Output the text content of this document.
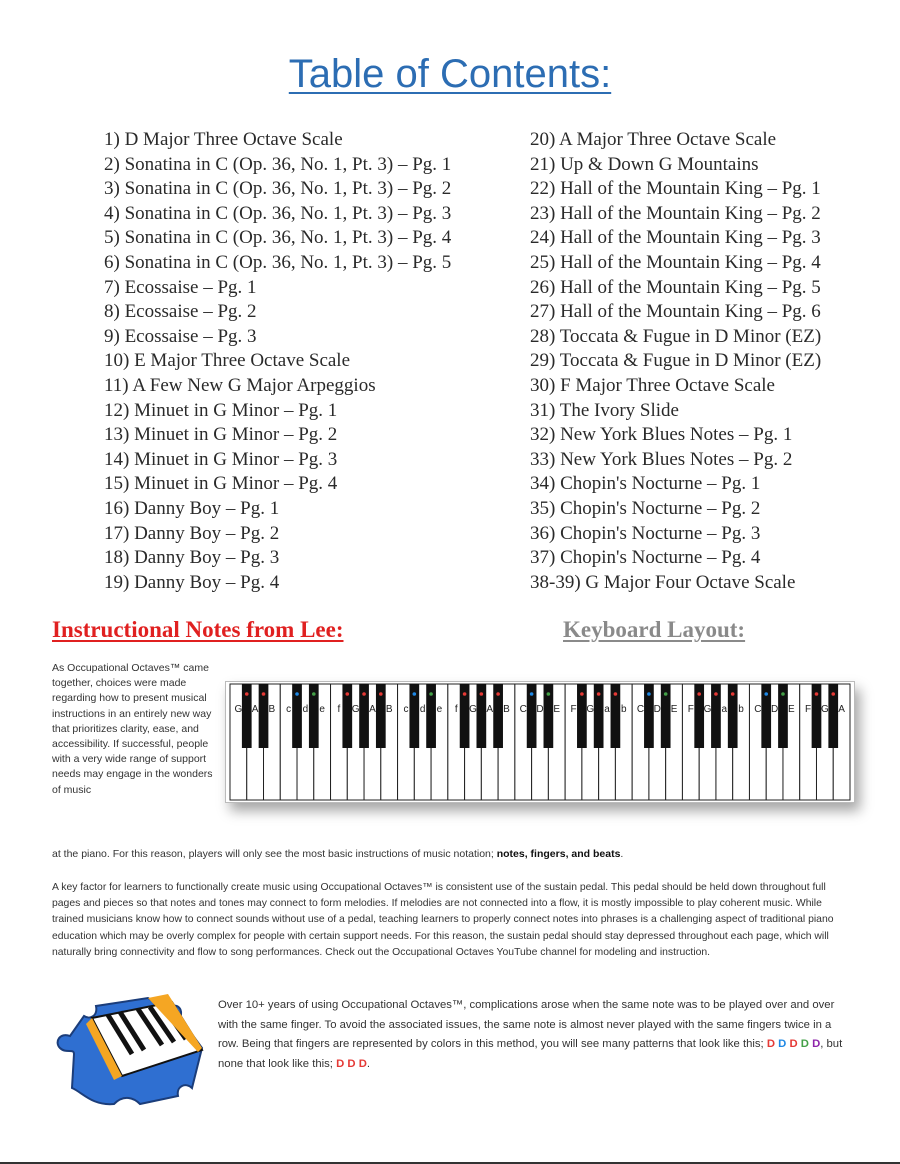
Table of Contents:
1) D Major Three Octave Scale
2) Sonatina in C (Op. 36, No. 1, Pt. 3) – Pg. 1
3) Sonatina in C (Op. 36, No. 1, Pt. 3) – Pg. 2
4) Sonatina in C (Op. 36, No. 1, Pt. 3) – Pg. 3
5) Sonatina in C (Op. 36, No. 1, Pt. 3) – Pg. 4
6) Sonatina in C (Op. 36, No. 1, Pt. 3) – Pg. 5
7) Ecossaise – Pg. 1
8) Ecossaise – Pg. 2
9) Ecossaise – Pg. 3
10) E Major Three Octave Scale
11) A Few New G Major Arpeggios
12) Minuet in G Minor – Pg. 1
13) Minuet in G Minor – Pg. 2
14) Minuet in G Minor – Pg. 3
15) Minuet in G Minor – Pg. 4
16) Danny Boy – Pg. 1
17) Danny Boy – Pg. 2
18) Danny Boy – Pg. 3
19) Danny Boy – Pg. 4
20) A Major Three Octave Scale
21) Up & Down G Mountains
22) Hall of the Mountain King – Pg. 1
23) Hall of the Mountain King – Pg. 2
24) Hall of the Mountain King – Pg. 3
25) Hall of the Mountain King – Pg. 4
26) Hall of the Mountain King – Pg. 5
27) Hall of the Mountain King – Pg. 6
28) Toccata & Fugue in D Minor (EZ)
29) Toccata & Fugue in D Minor (EZ)
30) F Major Three Octave Scale
31) The Ivory Slide
32) New York Blues Notes – Pg. 1
33) New York Blues Notes – Pg. 2
34) Chopin's Nocturne – Pg. 1
35) Chopin's Nocturne – Pg. 2
36) Chopin's Nocturne – Pg. 3
37) Chopin's Nocturne – Pg. 4
38-39) G Major Four Octave Scale
Instructional Notes from Lee:	Keyboard Layout:
As Occupational Octaves™ came together, choices were made regarding how to present musical instructions in an entirely new way that prioritizes clarity, ease, and accessibility. If successful, people with a very wide range of support needs may engage in the wonders of music
G A B c d e f G A B c d e f G A B C D E F G a b C D E F G a b C D E F G A
at the piano. For this reason, players will only see the most basic instructions of music notation; notes, fingers, and beats.
A key factor for learners to functionally create music using Occupational Octaves™ is consistent use of the sustain pedal. This pedal should be held down throughout full pages and pieces so that notes and tones may connect to form melodies. If melodies are not connected into a flow, it is mostly impossible to play coherent music. While trained musicians know how to connect sounds without use of a pedal, teaching learners to properly connect notes into phrases is a challenging aspect of traditional piano education which may be overly complex for people with certain support needs. For this reason, the sustain pedal should stay depressed throughout each page, which will naturally bring connectivity and flow to song performances. Check out the Occupational Octaves YouTube channel for modeling and instruction.
Over 10+ years of using Occupational Octaves™, complications arose when the same note was to be played over and over with the same finger. To avoid the associated issues, the same note is almost never played with the same fingers twice in a row. Being that fingers are represented by colors in this method, you will see many patterns that look like this; D D D D D, but none that look like this; D D D.
